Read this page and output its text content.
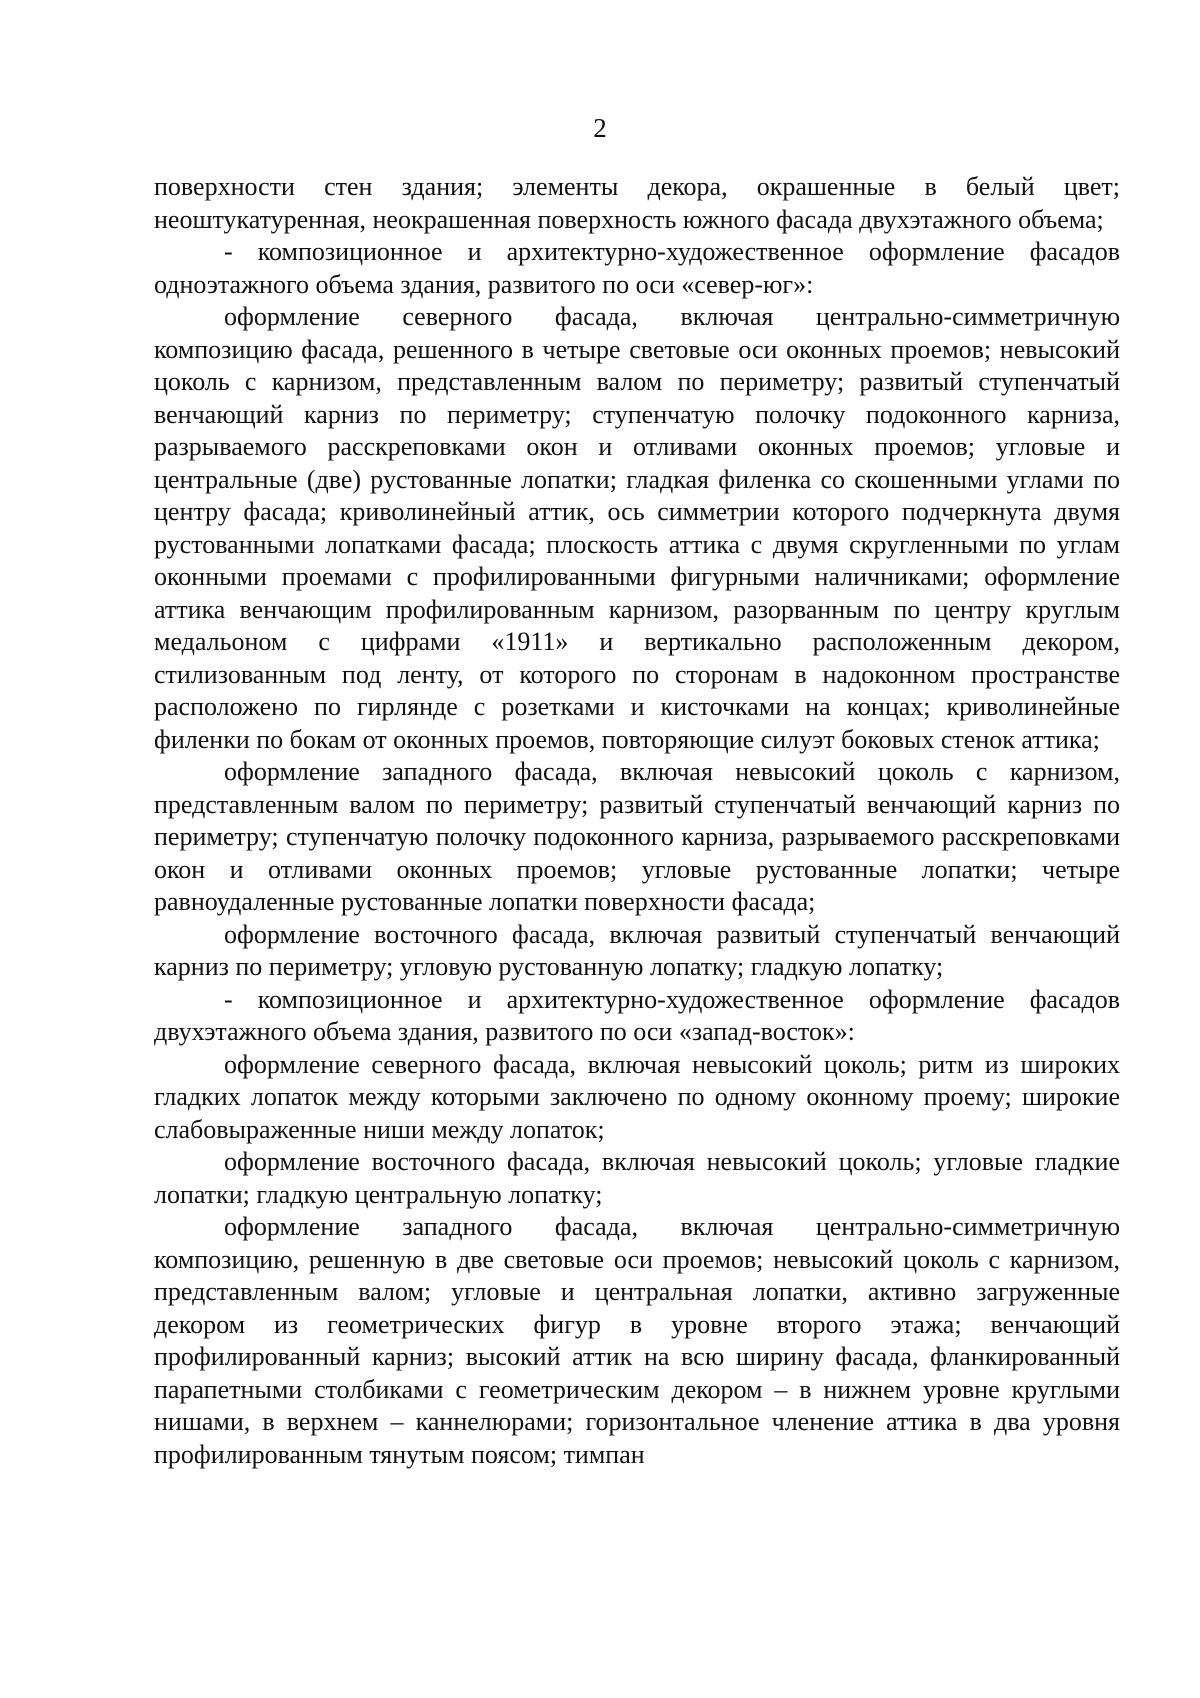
2

поверхности стен здания; элементы декора, окрашенные в белый цвет; неоштукатуренная, неокрашенная поверхность южного фасада двухэтажного объема;

- композиционное и архитектурно-художественное оформление фасадов одноэтажного объема здания, развитого по оси «север-юг»:

оформление северного фасада, включая центрально-симметричную композицию фасада, решенного в четыре световые оси оконных проемов; невысокий цоколь с карнизом, представленным валом по периметру; развитый ступенчатый венчающий карниз по периметру; ступенчатую полочку подоконного карниза, разрываемого расскреповками окон и отливами оконных проемов; угловые и центральные (две) рустованные лопатки; гладкая филенка со скошенными углами по центру фасада; криволинейный аттик, ось симметрии которого подчеркнута двумя рустованными лопатками фасада; плоскость аттика с двумя скругленными по углам оконными проемами с профилированными фигурными наличниками; оформление аттика венчающим профилированным карнизом, разорванным по центру круглым медальоном с цифрами «1911» и вертикально расположенным декором, стилизованным под ленту, от которого по сторонам в надоконном пространстве расположено по гирлянде с розетками и кисточками на концах; криволинейные филенки по бокам от оконных проемов, повторяющие силуэт боковых стенок аттика;

оформление западного фасада, включая невысокий цоколь с карнизом, представленным валом по периметру; развитый ступенчатый венчающий карниз по периметру; ступенчатую полочку подоконного карниза, разрываемого расскреповками окон и отливами оконных проемов; угловые рустованные лопатки; четыре равноудаленные рустованные лопатки поверхности фасада;

оформление восточного фасада, включая развитый ступенчатый венчающий карниз по периметру; угловую рустованную лопатку; гладкую лопатку;

- композиционное и архитектурно-художественное оформление фасадов двухэтажного объема здания, развитого по оси «запад-восток»:

оформление северного фасада, включая невысокий цоколь; ритм из широких гладких лопаток между которыми заключено по одному оконному проему; широкие слабовыраженные ниши между лопаток;

оформление восточного фасада, включая невысокий цоколь; угловые гладкие лопатки; гладкую центральную лопатку;

оформление западного фасада, включая центрально-симметричную композицию, решенную в две световые оси проемов; невысокий цоколь с карнизом, представленным валом; угловые и центральная лопатки, активно загруженные декором из геометрических фигур в уровне второго этажа; венчающий профилированный карниз; высокий аттик на всю ширину фасада, фланкированный парапетными столбиками с геометрическим декором – в нижнем уровне круглыми нишами, в верхнем – каннелюрами; горизонтальное членение аттика в два уровня профилированным тянутым поясом; тимпан
